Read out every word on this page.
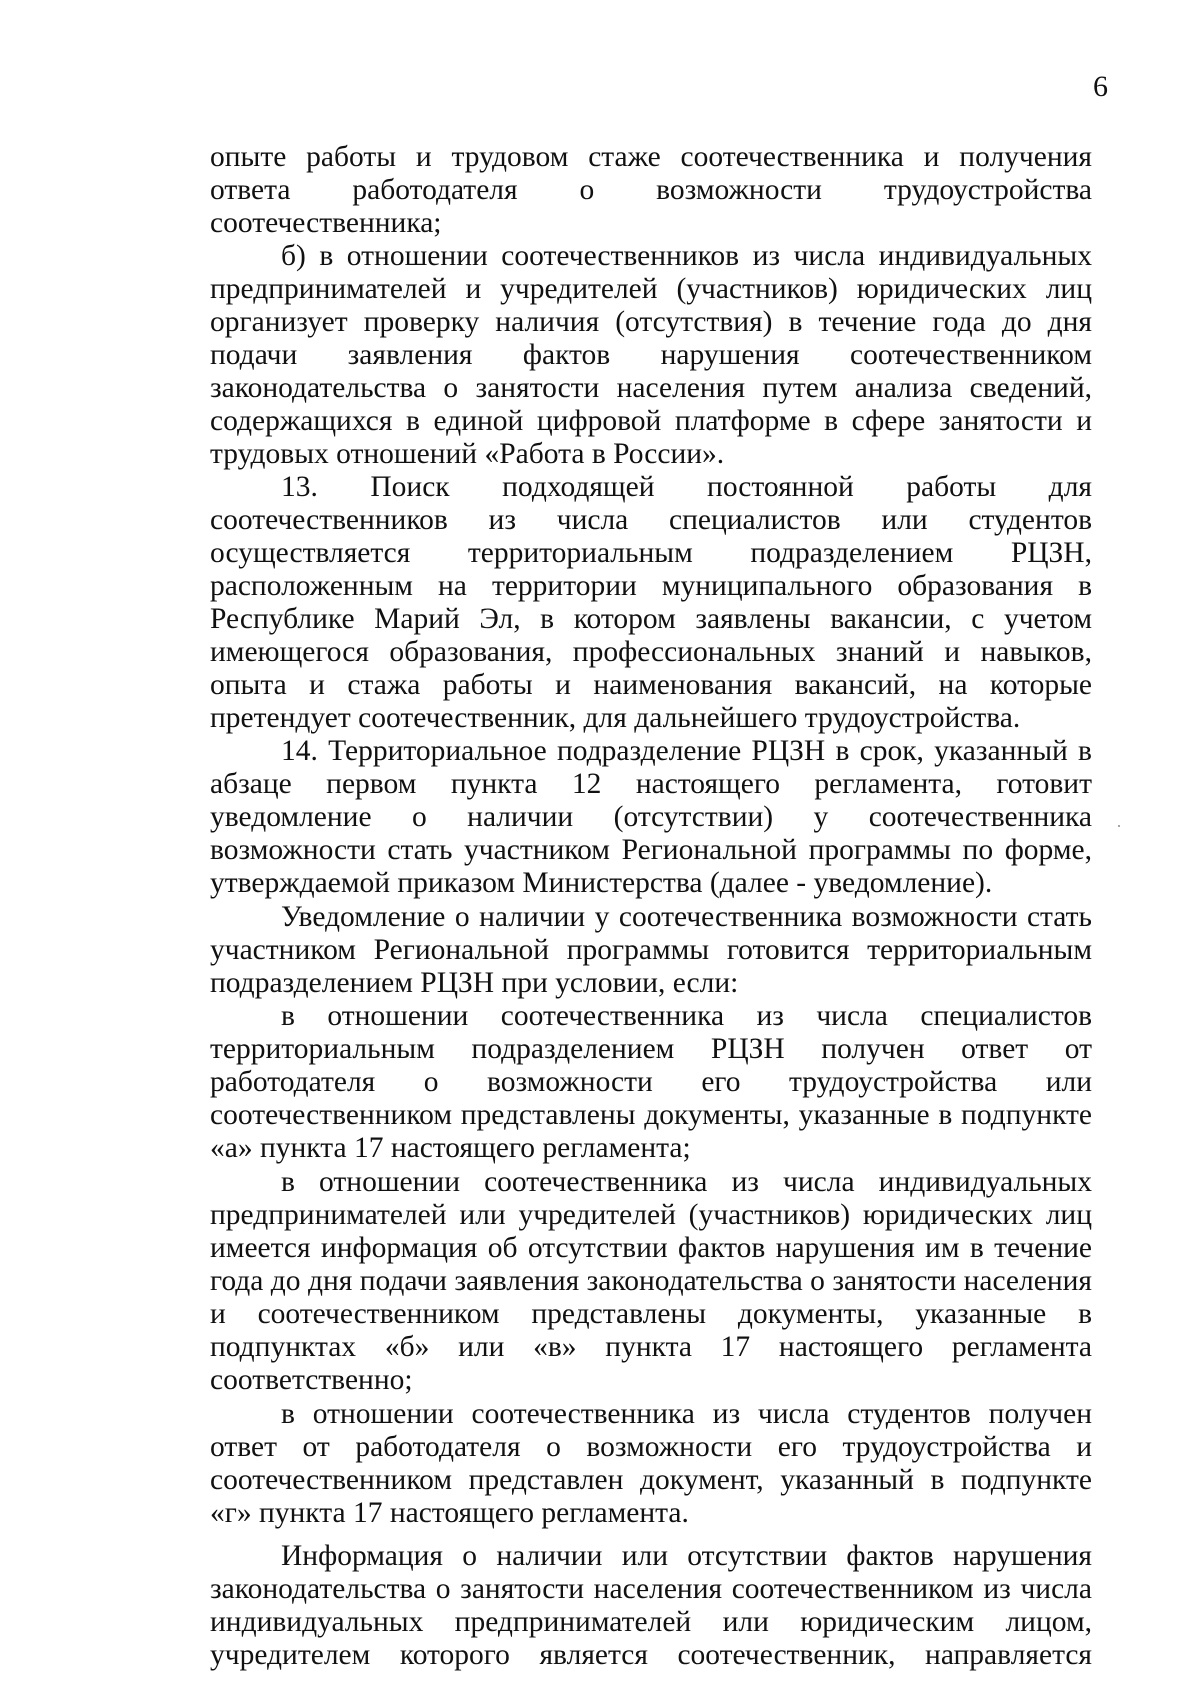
6

опыте работы и трудовом стаже соотечественника и получения ответа работодателя о возможности трудоустройства соотечественника;

б) в отношении соотечественников из числа индивидуальных предпринимателей и учредителей (участников) юридических лиц организует проверку наличия (отсутствия) в течение года до дня подачи заявления фактов нарушения соотечественником законодательства о занятости населения путем анализа сведений, содержащихся в единой цифровой платформе в сфере занятости и трудовых отношений «Работа в России».

13. Поиск подходящей постоянной работы для соотечественников из числа специалистов или студентов осуществляется территориальным подразделением РЦЗН, расположенным на территории муниципального образования в Республике Марий Эл, в котором заявлены вакансии, с учетом имеющегося образования, профессиональных знаний и навыков, опыта и стажа работы и наименования вакансий, на которые претендует соотечественник, для дальнейшего трудоустройства.

14. Территориальное подразделение РЦЗН в срок, указанный в абзаце первом пункта 12 настоящего регламента, готовит уведомление о наличии (отсутствии) у соотечественника возможности стать участником Региональной программы по форме, утверждаемой приказом Министерства (далее - уведомление).

Уведомление о наличии у соотечественника возможности стать участником Региональной программы готовится территориальным подразделением РЦЗН при условии, если:

в отношении соотечественника из числа специалистов территориальным подразделением РЦЗН получен ответ от работодателя о возможности его трудоустройства или соотечественником представлены документы, указанные в подпункте «а» пункта 17 настоящего регламента;

в отношении соотечественника из числа индивидуальных предпринимателей или учредителей (участников) юридических лиц имеется информация об отсутствии фактов нарушения им в течение года до дня подачи заявления законодательства о занятости населения и соотечественником представлены документы, указанные в подпунктах «б» или «в» пункта 17 настоящего регламента соответственно;

в отношении соотечественника из числа студентов получен ответ от работодателя о возможности его трудоустройства и соотечественником представлен документ, указанный в подпункте «г» пункта 17 настоящего регламента.

Информация о наличии или отсутствии фактов нарушения законодательства о занятости населения соотечественником из числа индивидуальных предпринимателей или юридическим лицом, учредителем которого является соотечественник, направляется
